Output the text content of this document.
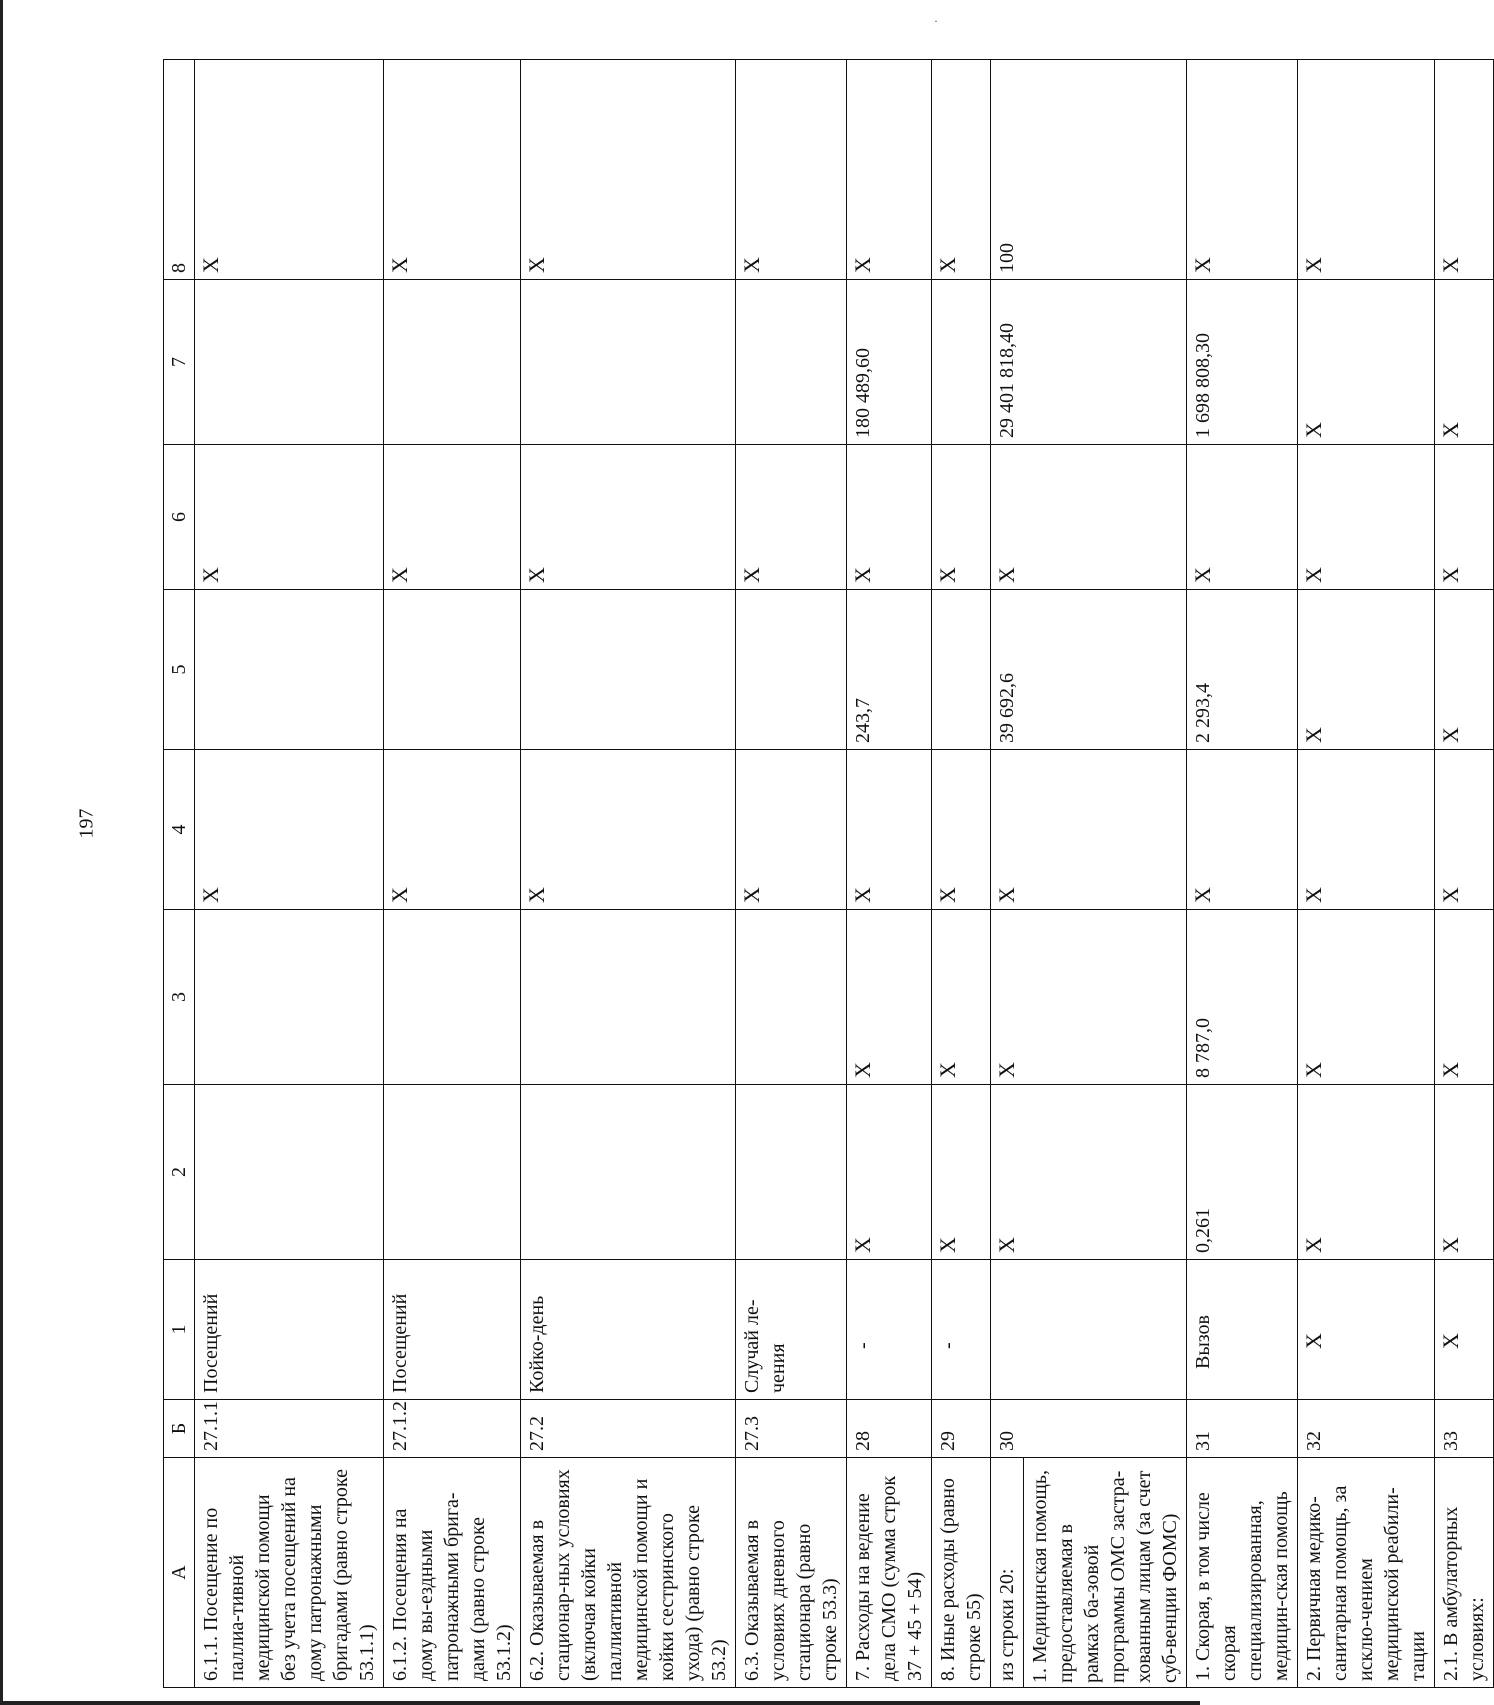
·
197
А	Б	1	2	3	4	5	6	7	8
6.1.1. Посещение по паллиа-тивной медицинской помощи без учета посещений на дому патронажными бригадами (равно строке 53.1.1)	27.1.1	Посещений			X		X		X
6.1.2. Посещения на дому вы-ездными патронажными брига-дами (равно строке 53.1.2)	27.1.2	Посещений			X		X		X
6.2. Оказываемая в стационар-ных условиях (включая койки паллиативной медицинской помощи и койки сестринского ухода) (равно строке 53.2)	27.2	Койко-день			X		X		X
6.3. Оказываемая в условиях дневного стационара (равно строке 53.3)	27.3	Случай ле-чения			X		X		X
7. Расходы на ведение дела СМО (сумма строк 37 + 45 + 54)	28	-	X	X	X	243,7	X	180 489,60	X
8. Иные расходы (равно строке 55)	29	-	X	X	X		X		X
из строки 20:	30		X	X	X	39 692,6	X	29 401 818,40	100
1. Медицинская помощь, предоставляемая в рамках ба-зовой программы ОМС застра-хованным лицам (за счет суб-венции ФОМС)									
1. Скорая, в том числе скорая специализированная, медицин-ская помощь	31	Вызов	0,261	8 787,0	X	2 293,4	X	1 698 808,30	X
2. Первичная медико-санитарная помощь, за исклю-чением медицинской реабили-тации	32	X	X	X	X	X	X	X	X
2.1. В амбулаторных условиях:	33	X	X	X	X	X	X	X	X
